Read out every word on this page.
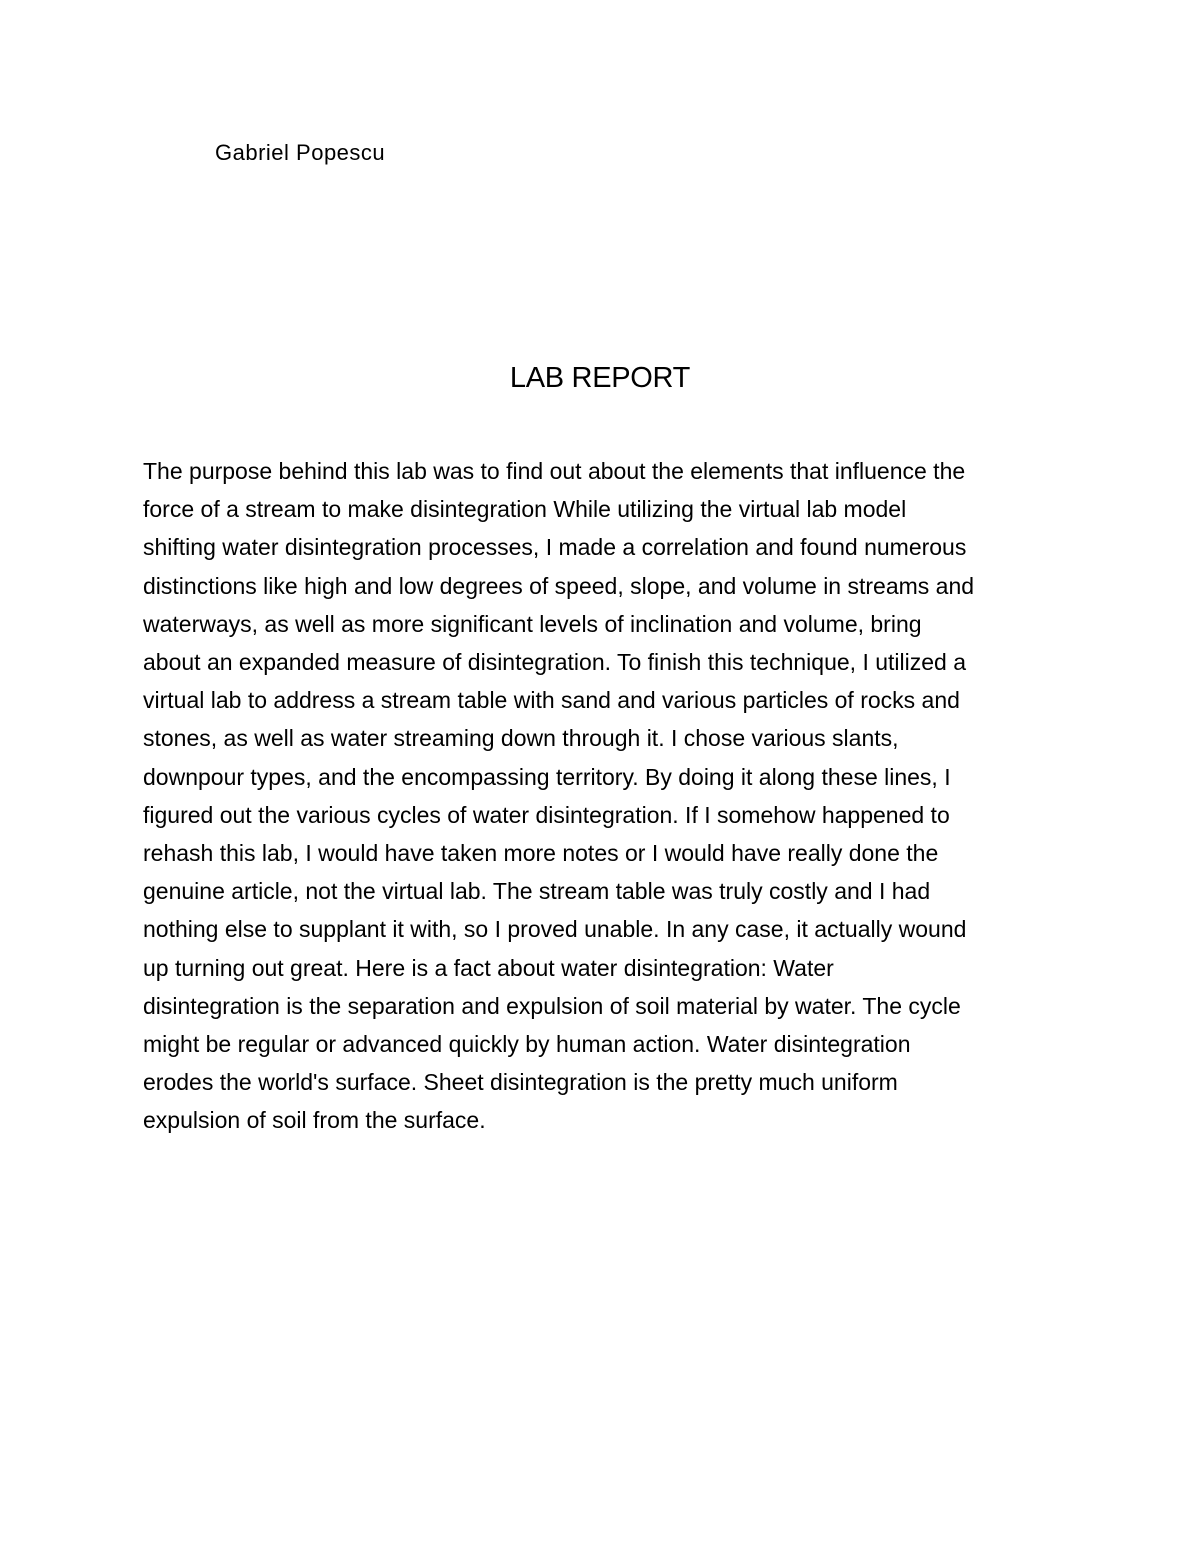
Gabriel Popescu

LAB REPORT
The purpose behind this lab was to find out about the elements that influence the
force of a stream to make disintegration While utilizing the virtual lab model
shifting water disintegration processes, I made a correlation and found numerous
distinctions like high and low degrees of speed, slope, and volume in streams and
waterways, as well as more significant levels of inclination and volume, bring
about an expanded measure of disintegration. To finish this technique, I utilized a
virtual lab to address a stream table with sand and various particles of rocks and
stones, as well as water streaming down through it. I chose various slants,
downpour types, and the encompassing territory. By doing it along these lines, I
figured out the various cycles of water disintegration. If I somehow happened to
rehash this lab, I would have taken more notes or I would have really done the
genuine article, not the virtual lab. The stream table was truly costly and I had
nothing else to supplant it with, so I proved unable. In any case, it actually wound
up turning out great. Here is a fact about water disintegration: Water
disintegration is the separation and expulsion of soil material by water. The cycle
might be regular or advanced quickly by human action. Water disintegration
erodes the world's surface. Sheet disintegration is the pretty much uniform
expulsion of soil from the surface.
